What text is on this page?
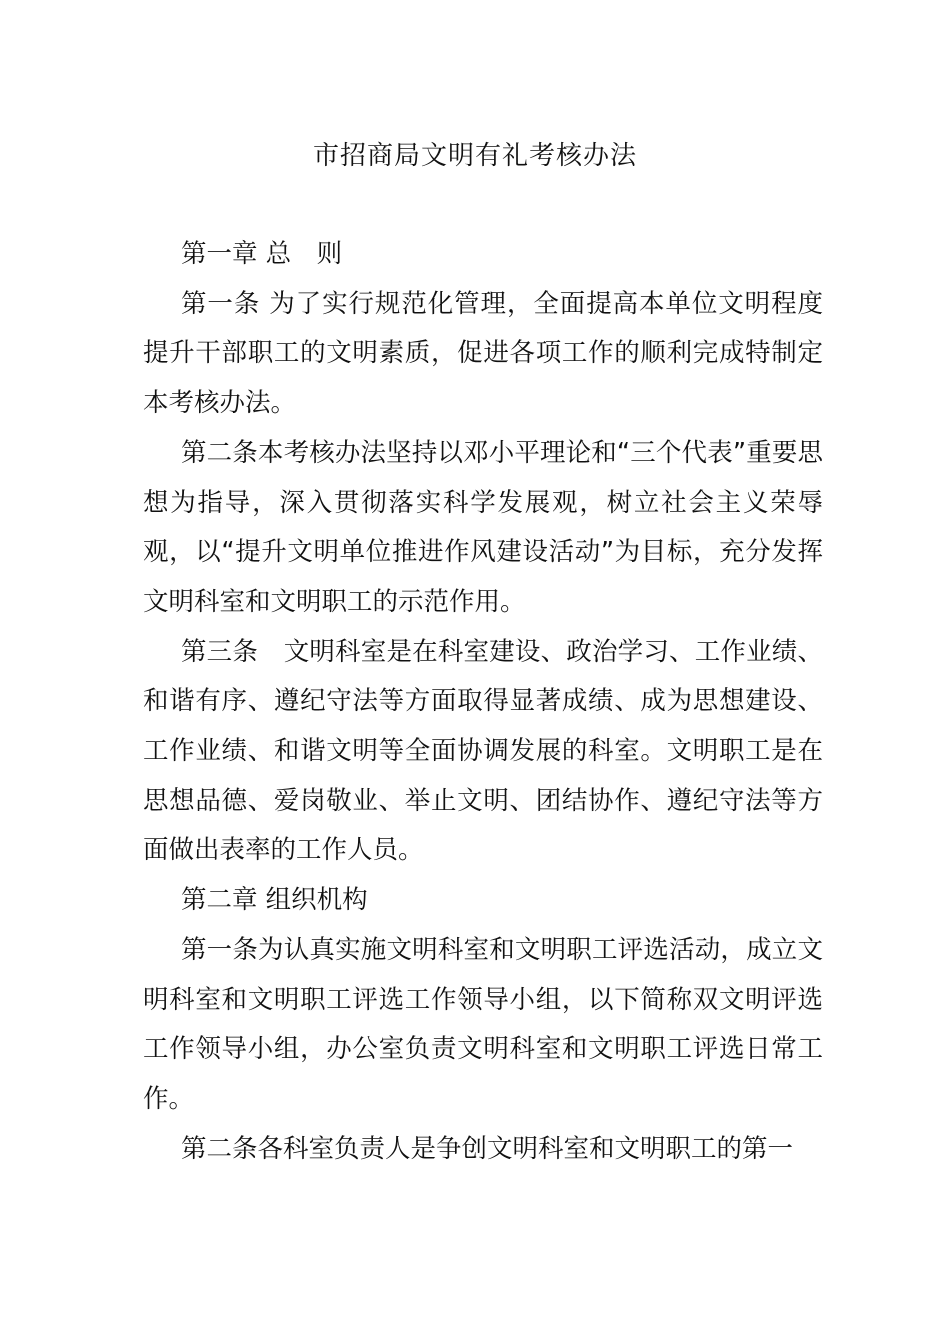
市招商局文明有礼考核办法

第一章 总　则

第一条 为了实行规范化管理，全面提高本单位文明程度提升干部职工的文明素质，促进各项工作的顺利完成特制定本考核办法。

第二条本考核办法坚持以邓小平理论和“三个代表”重要思想为指导，深入贯彻落实科学发展观，树立社会主义荣辱观，以“提升文明单位推进作风建设活动”为目标，充分发挥文明科室和文明职工的示范作用。

第三条　文明科室是在科室建设、政治学习、工作业绩、和谐有序、遵纪守法等方面取得显著成绩、成为思想建设、工作业绩、和谐文明等全面协调发展的科室。文明职工是在思想品德、爱岗敬业、举止文明、团结协作、遵纪守法等方面做出表率的工作人员。

第二章 组织机构

第一条为认真实施文明科室和文明职工评选活动，成立文明科室和文明职工评选工作领导小组，以下简称双文明评选工作领导小组，办公室负责文明科室和文明职工评选日常工作。

第二条各科室负责人是争创文明科室和文明职工的第一
